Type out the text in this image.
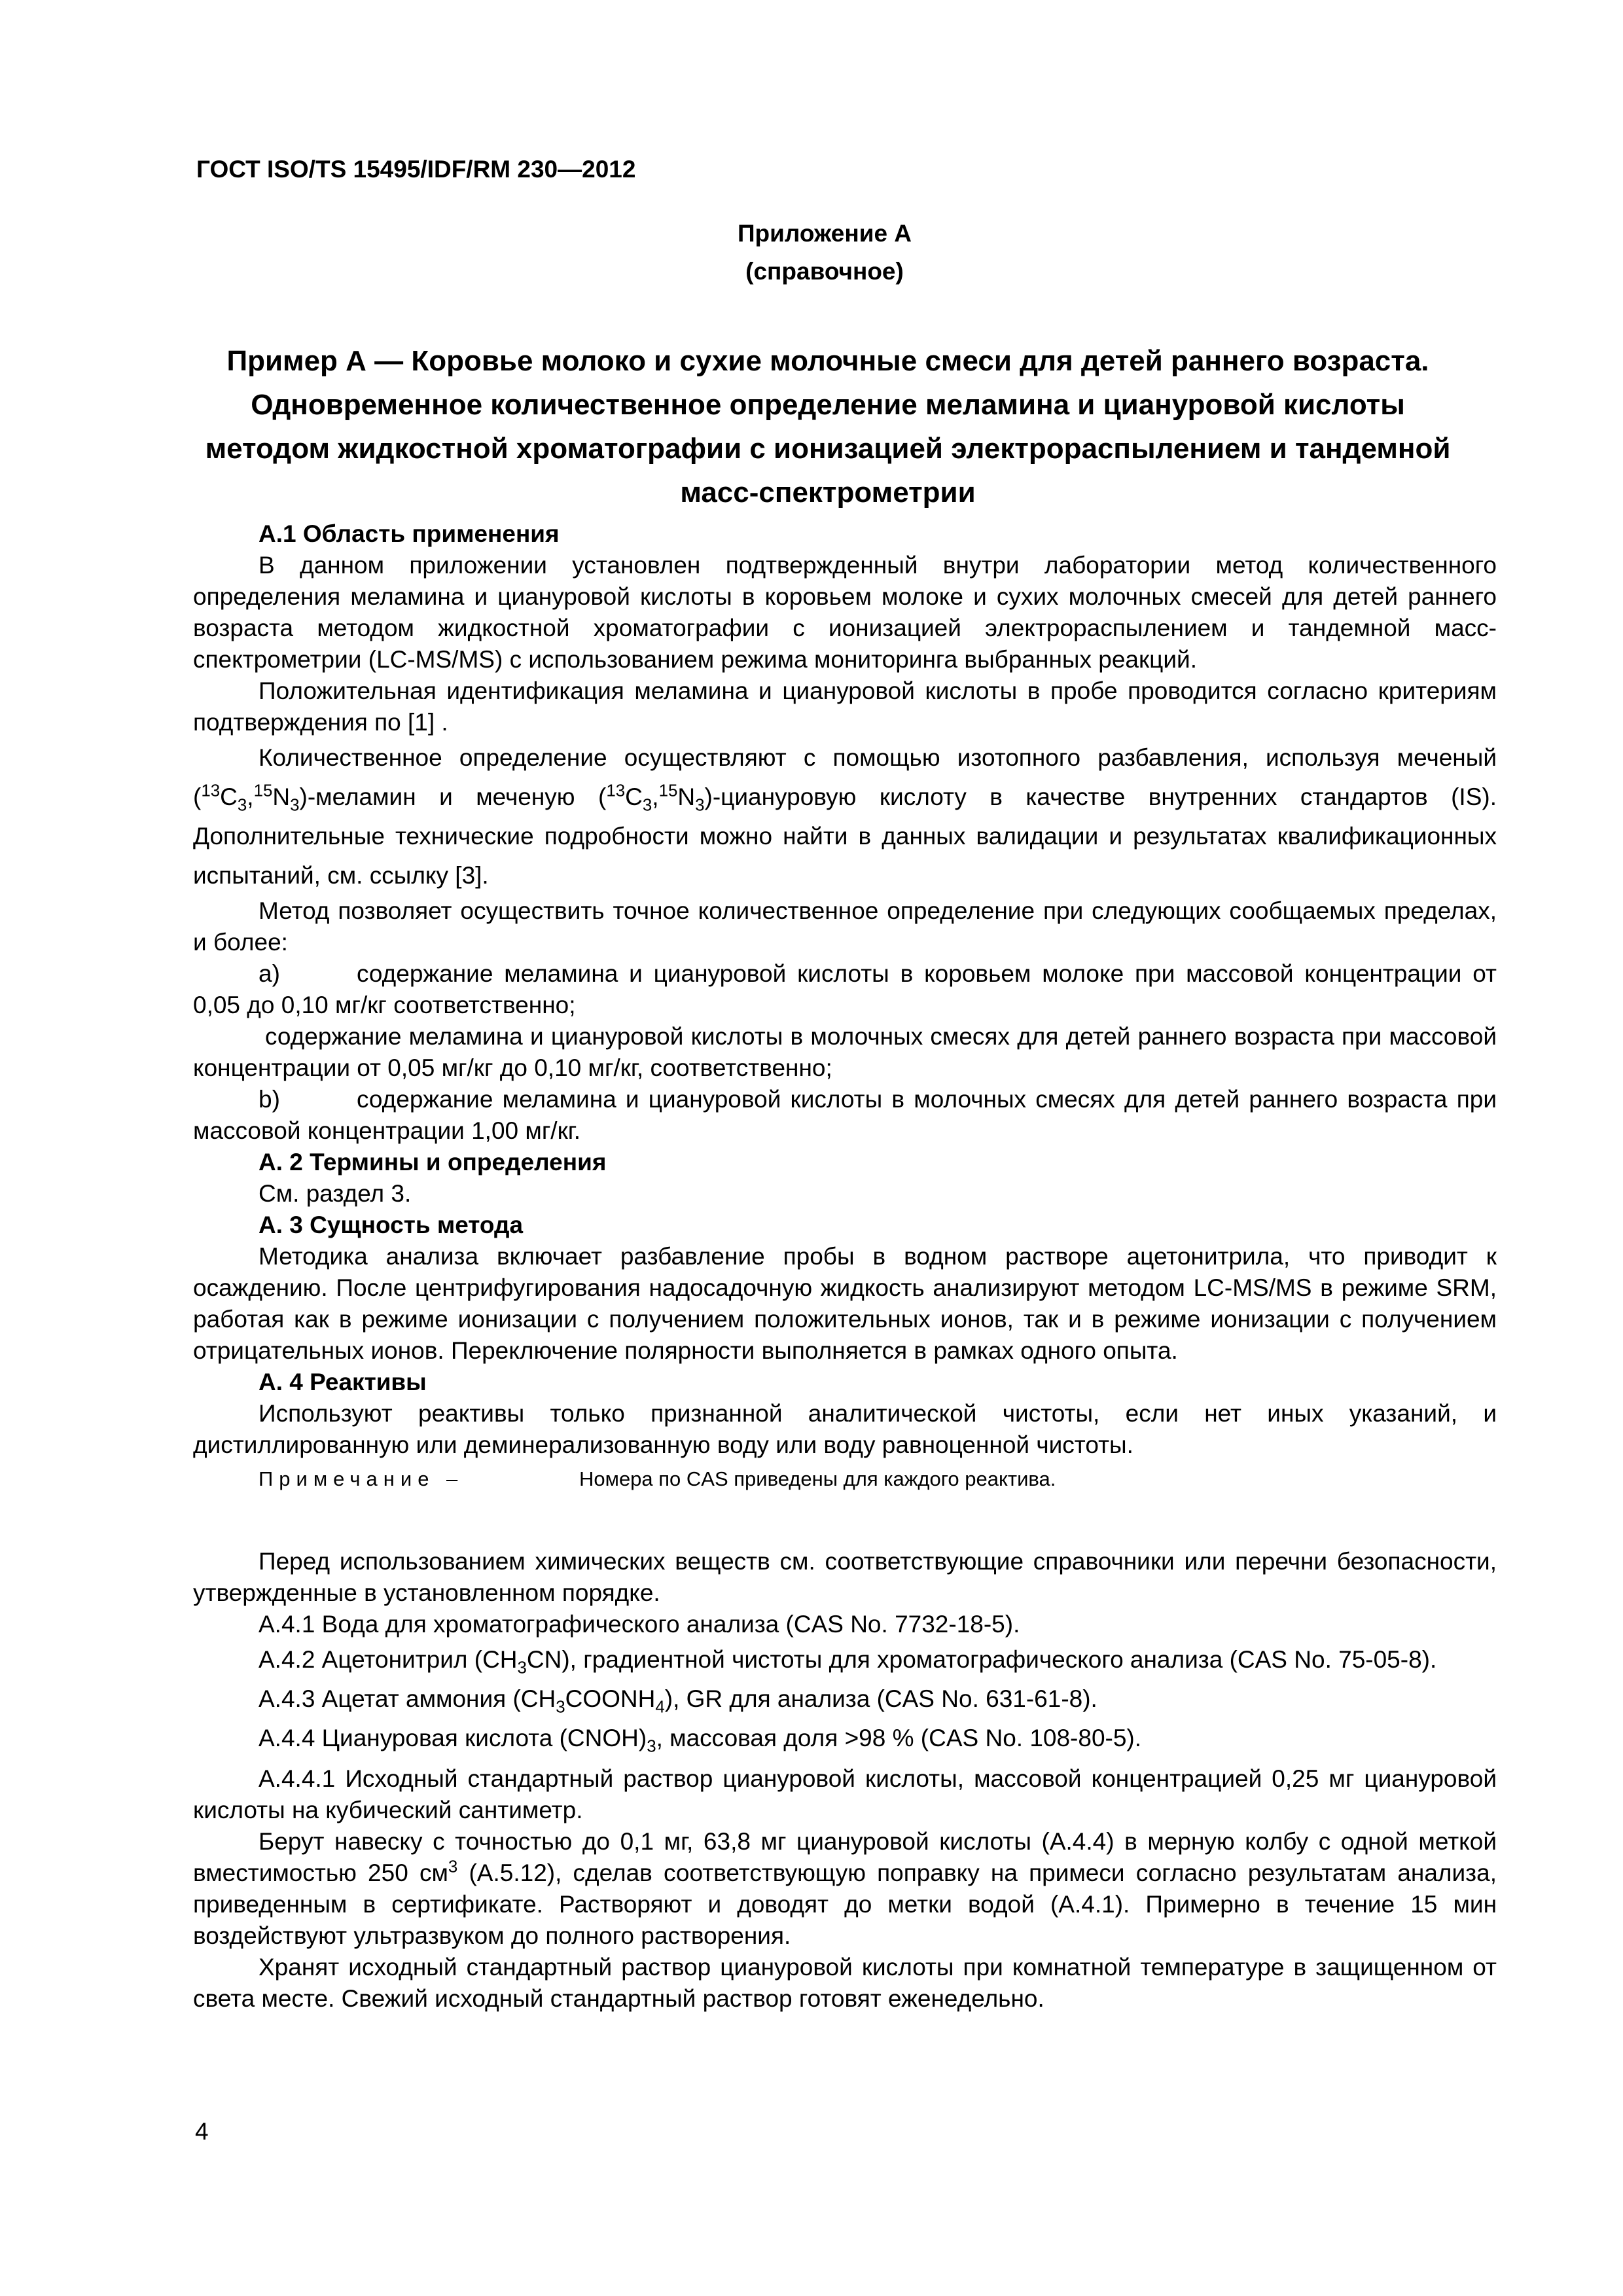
ГОСТ ISO/TS 15495/IDF/RM 230—2012
Приложение А
(справочное)
Пример А — Коровье молоко и сухие молочные смеси для детей раннего возраста. Одновременное количественное определение меламина и циануровой кислоты методом жидкостной хроматографии с ионизацией электрораспылением и тандемной масс-спектрометрии

А.1 Область применения

В данном приложении установлен подтвержденный внутри лаборатории метод количественного определения меламина и циануровой кислоты в коровьем молоке и сухих молочных смесей для детей раннего возраста методом жидкостной хроматографии с ионизацией электрораспылением и тандемной масс-спектрометрии (LC-MS/MS) с использованием режима мониторинга выбранных реакций.

Положительная идентификация меламина и циануровой кислоты в пробе проводится согласно критериям подтверждения по [1] .

Количественное определение осуществляют с помощью изотопного разбавления, используя меченый $(^{13}C_3,^{15}N_3)$-меламин и меченую $(^{13}C_3,^{15}N_3)$-циануровую кислоту в качестве внутренних стандартов (IS). Дополнительные технические подробности можно найти в данных валидации и результатах квалификационных испытаний, см. ссылку [3].

Метод позволяет осуществить точное количественное определение при следующих сообщаемых пределах, и более:

a)	содержание меламина и циануровой кислоты в коровьем молоке при массовой концентрации от 0,05 до 0,10 мг/кг соответственно;

содержание меламина и циануровой кислоты в молочных смесях для детей раннего возраста при массовой концентрации от 0,05 мг/кг до 0,10 мг/кг, соответственно;

b)	содержание меламина и циануровой кислоты в молочных смесях для детей раннего возраста при массовой концентрации 1,00 мг/кг.

А. 2 Термины и определения

См. раздел 3.

А. 3 Сущность метода

Методика анализа включает разбавление пробы в водном растворе ацетонитрила, что приводит к осаждению. После центрифугирования надосадочную жидкость анализируют методом LC-MS/MS в режиме SRM, работая как в режиме ионизации с получением положительных ионов, так и в режиме ионизации с получением отрицательных ионов. Переключение полярности выполняется в рамках одного опыта.

А. 4 Реактивы

Используют реактивы только признанной аналитической чистоты, если нет иных указаний, и дистиллированную или деминерализованную воду или воду равноценной чистоты.

Примечание –	Номера по CAS приведены для каждого реактива.

Перед использованием химических веществ см. соответствующие справочники или перечни безопасности, утвержденные в установленном порядке.

А.4.1 Вода для хроматографического анализа (CAS No. 7732-18-5).

А.4.2 Ацетонитрил $(CH_3CN)$, градиентной чистоты для хроматографического анализа (CAS No. 75-05-8).

А.4.3 Ацетат аммония $(CH_3COONH_4)$, GR для анализа (CAS No. 631-61-8).

А.4.4 Циануровая кислота $(CNOH)_3$, массовая доля >98 % (CAS No. 108-80-5).

А.4.4.1 Исходный стандартный раствор циануровой кислоты, массовой концентрацией 0,25 мг циануровой кислоты на кубический сантиметр.

Берут навеску с точностью до 0,1 мг, 63,8 мг циануровой кислоты (А.4.4) в мерную колбу с одной меткой вместимостью 250 $см^3$ (А.5.12), сделав соответствующую поправку на примеси согласно результатам анализа, приведенным в сертификате. Растворяют и доводят до метки водой (А.4.1). Примерно в течение 15 мин воздействуют ультразвуком до полного растворения.

Хранят исходный стандартный раствор циануровой кислоты при комнатной температуре в защищенном от света месте. Свежий исходный стандартный раствор готовят еженедельно.

4
